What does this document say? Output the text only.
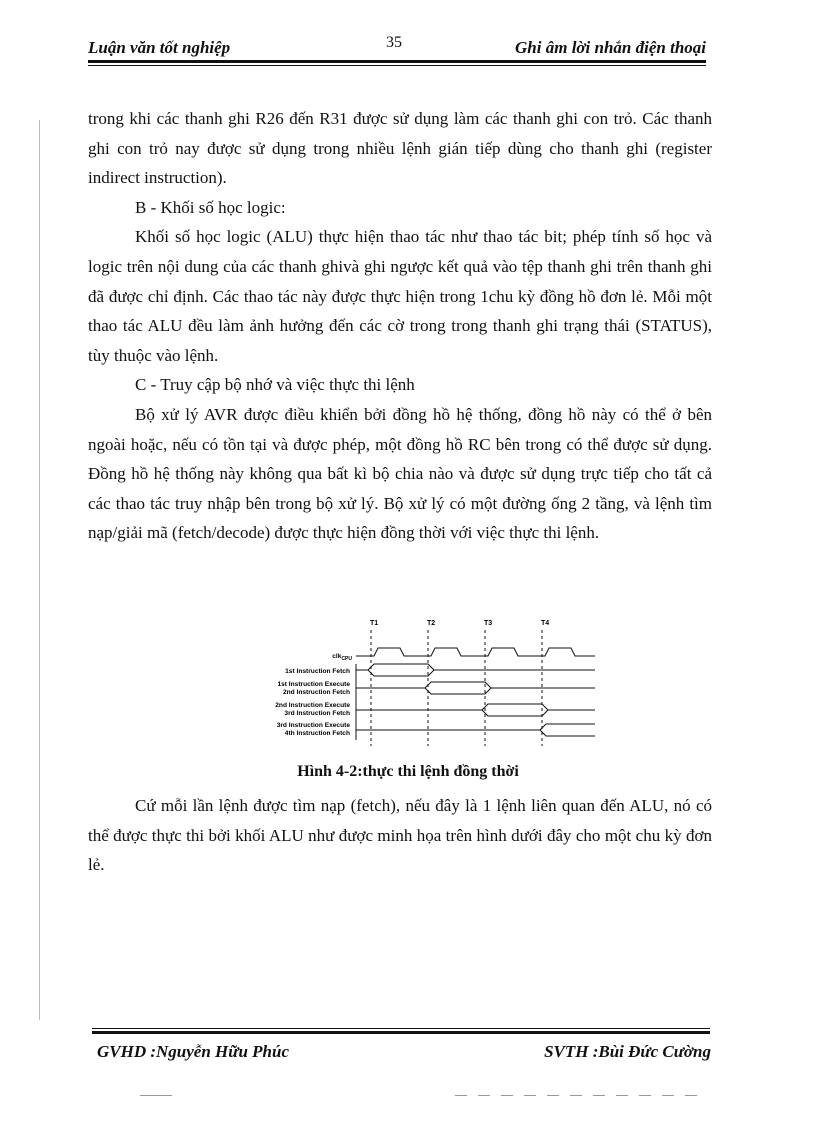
Luận văn tốt nghiệp	35	Ghi âm lời nhắn điện thoại

trong khi các thanh ghi R26 đến R31 được sử dụng làm các thanh ghi con trỏ. Các thanh ghi con trỏ nay được sử dụng trong nhiều lệnh gián tiếp dùng cho thanh ghi (register indirect instruction).

B - Khối số học logic:

Khối số học logic (ALU) thực hiện thao tác như thao tác bit; phép tính số học và logic trên nội dung của các thanh ghivà ghi ngược kết quả vào tệp thanh ghi trên thanh ghi đã được chỉ định. Các thao tác này được thực hiện trong 1chu kỳ đồng hồ đơn lẻ. Mỗi một thao tác ALU đều làm ảnh hưởng đến các cờ trong trong thanh ghi trạng thái (STATUS), tùy thuộc vào lệnh.

C - Truy cập bộ nhớ và việc thực thi lệnh

Bộ xử lý AVR được điều khiển bởi đồng hồ hệ thống, đồng hồ này có thể ở bên ngoài hoặc, nếu có tồn tại và được phép, một đồng hồ RC bên trong có thể được sử dụng. Đồng hồ hệ thống này không qua bất kì bộ chia nào và được sử dụng trực tiếp cho tất cả các thao tác truy nhập bên trong bộ xử lý. Bộ xử lý có một đường ống 2 tầng, và lệnh tìm nạp/giải mã (fetch/decode) được thực hiện đồng thời với việc thực thi lệnh.

T1	T2	T3	T4
clk$_{CPU}$
1st Instruction Fetch
1st Instruction Execute
2nd Instruction Fetch
2nd Instruction Execute
3rd Instruction Fetch
3rd Instruction Execute
4th Instruction Fetch
Hình 4-2:thực thi lệnh đồng thời

Cứ mỗi lần lệnh được tìm nạp (fetch), nếu đây là 1 lệnh liên quan đến ALU, nó có thể được thực thi bởi khối ALU như được minh họa trên hình dưới đây cho một chu kỳ đơn lẻ.

GVHD :Nguyễn Hữu Phúc	SVTH :Bùi Đức Cường
